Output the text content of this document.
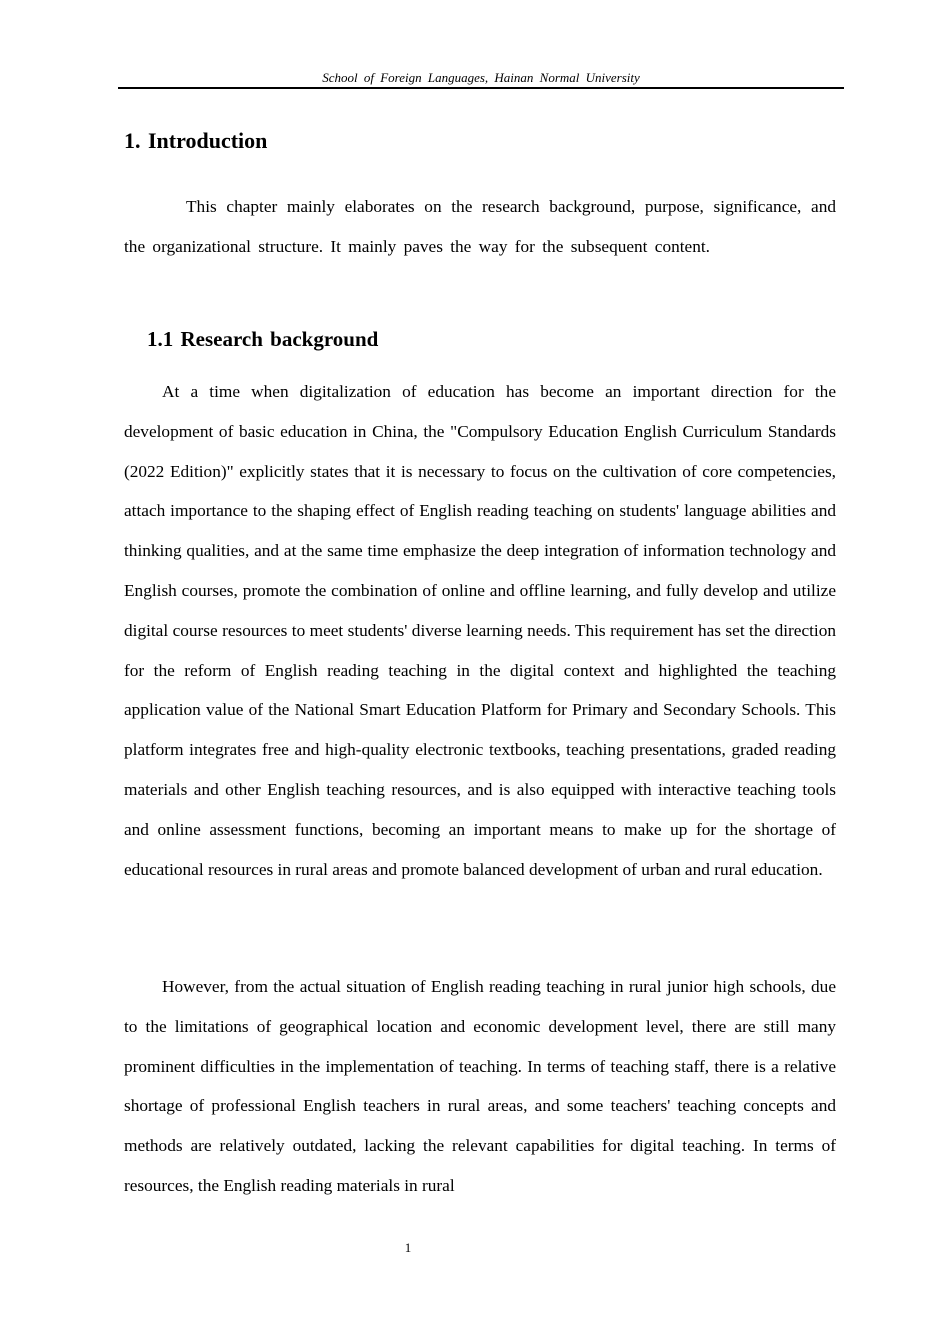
School of Foreign Languages, Hainan Normal University
1. Introduction

This chapter mainly elaborates on the research background, purpose, significance, and the organizational structure. It mainly paves the way for the subsequent content.

1.1 Research background

At a time when digitalization of education has become an important direction for the development of basic education in China, the "Compulsory Education English Curriculum Standards (2022 Edition)" explicitly states that it is necessary to focus on the cultivation of core competencies, attach importance to the shaping effect of English reading teaching on students' language abilities and thinking qualities, and at the same time emphasize the deep integration of information technology and English courses, promote the combination of online and offline learning, and fully develop and utilize digital course resources to meet students' diverse learning needs. This requirement has set the direction for the reform of English reading teaching in the digital context and highlighted the teaching application value of the National Smart Education Platform for Primary and Secondary Schools. This platform integrates free and high-quality electronic textbooks, teaching presentations, graded reading materials and other English teaching resources, and is also equipped with interactive teaching tools and online assessment functions, becoming an important means to make up for the shortage of educational resources in rural areas and promote balanced development of urban and rural education.

However, from the actual situation of English reading teaching in rural junior high schools, due to the limitations of geographical location and economic development level, there are still many prominent difficulties in the implementation of teaching. In terms of teaching staff, there is a relative shortage of professional English teachers in rural areas, and some teachers' teaching concepts and methods are relatively outdated, lacking the relevant capabilities for digital teaching. In terms of resources, the English reading materials in rural

1
